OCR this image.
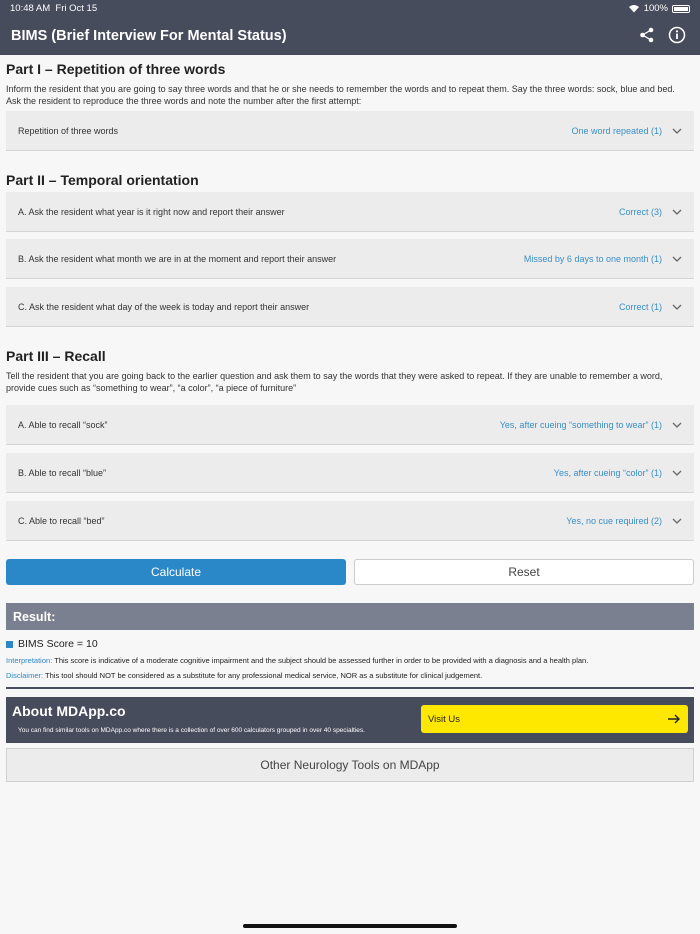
10:48 AM Fri Oct 15	100%
BIMS (Brief Interview For Mental Status)
Part I – Repetition of three words
Inform the resident that you are going to say three words and that he or she needs to remember the words and to repeat them. Say the three words: sock, blue and bed. Ask the resident to reproduce the three words and note the number after the first attempt:
Repetition of three words	One word repeated (1)
Part II – Temporal orientation
A. Ask the resident what year is it right now and report their answer	Correct (3)
B. Ask the resident what month we are in at the moment and report their answer	Missed by 6 days to one month (1)
C. Ask the resident what day of the week is today and report their answer	Correct (1)
Part III – Recall
Tell the resident that you are going back to the earlier question and ask them to say the words that they were asked to repeat. If they are unable to remember a word, provide cues such as “something to wear”, “a color”, “a piece of furniture”
A. Able to recall “sock”	Yes, after cueing “something to wear” (1)
B. Able to recall “blue”	Yes, after cueing “color” (1)
C. Able to recall “bed”	Yes, no cue required (2)
Calculate	Reset
Result:
BIMS Score = 10
Interpretation: This score is indicative of a moderate cognitive impairment and the subject should be assessed further in order to be provided with a diagnosis and a health plan.
Disclaimer: This tool should NOT be considered as a substitute for any professional medical service, NOR as a substitute for clinical judgement.
About MDApp.co
You can find similar tools on MDApp.co where there is a collection of over 600 calculators grouped in over 40 specialties.
Visit Us
Other Neurology Tools on MDApp
